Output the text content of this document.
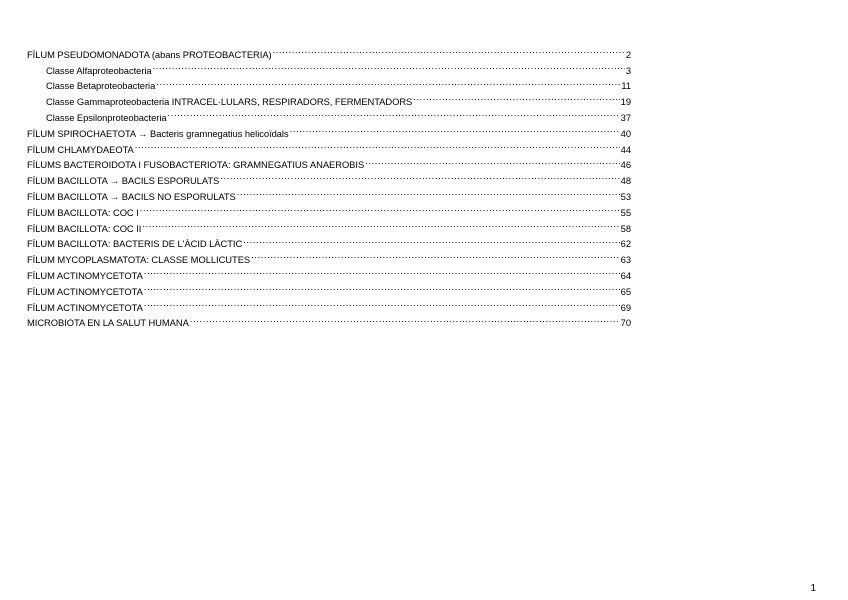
FÍLUM PSEUDOMONADOTA (abans PROTEOBACTERIA) .....	2
Classe Alfaproteobacteria .....	3
Classe Betaproteobacteria .....	11
Classe Gammaproteobacteria INTRACEL·LULARS, RESPIRADORS, FERMENTADORS .....	19
Classe Epsilonproteobacteria .....	37
FÍLUM SPIROCHAETOTA → Bacteris gramnegatius helicoïdals .....	40
FÍLUM CHLAMYDAEOTA .....	44
FÍLUMS BACTEROIDOTA I FUSOBACTERIOTA: GRAMNEGATIUS ANAEROBIS .....	46
FÍLUM BACILLOTA → BACILS ESPORULATS .....	48
FÍLUM BACILLOTA → BACILS NO ESPORULATS .....	53
FÍLUM BACILLOTA: COC I .....	55
FÍLUM BACILLOTA: COC II .....	58
FÍLUM BACILLOTA: BACTERIS DE L'ÀCID LÀCTIC .....	62
FÍLUM MYCOPLASMATOTA: CLASSE MOLLICUTES .....	63
FÍLUM ACTINOMYCETOTA .....	64
FÍLUM ACTINOMYCETOTA .....	65
FÍLUM ACTINOMYCETOTA .....	69
MICROBIOTA EN LA SALUT HUMANA .....	70
1
